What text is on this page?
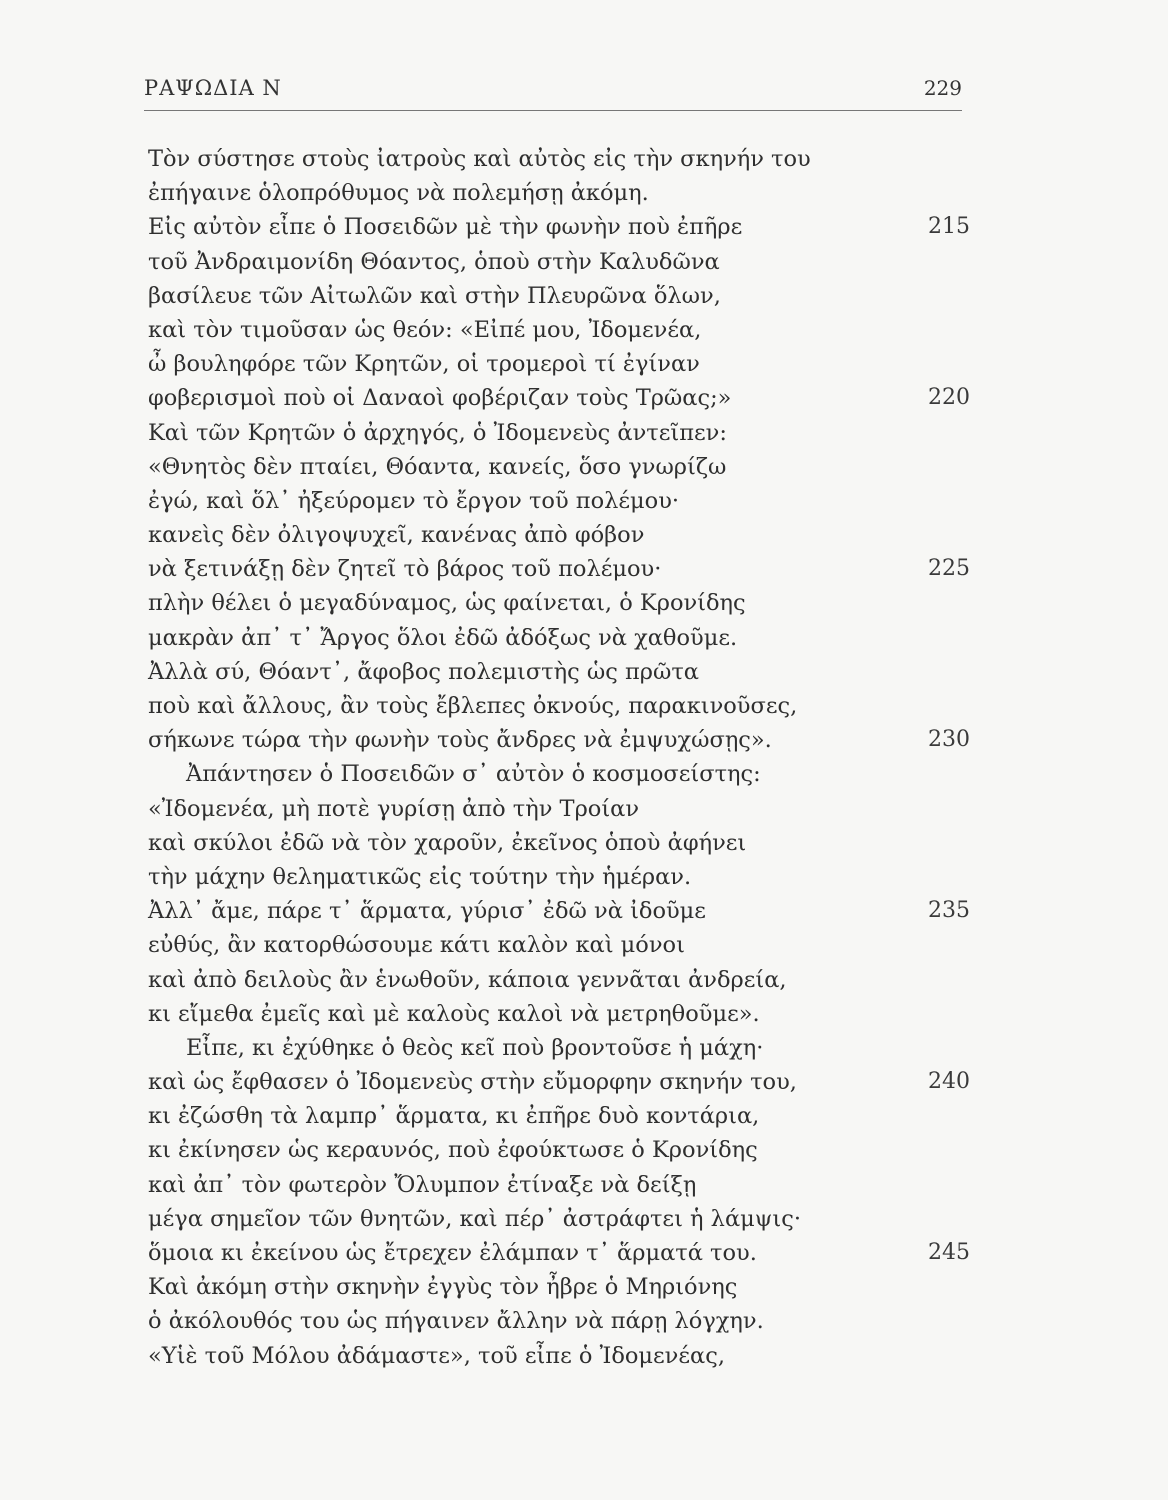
ΡΑΨΩΔΙΑ Ν	229
Τὸν σύστησε στοὺς ἰατροὺς καὶ αὐτὸς εἰς τὴν σκηνήν του
ἐπήγαινε ὁλοπρόθυμος νὰ πολεμήσῃ ἀκόμη.
Εἰς αὐτὸν εἶπε ὁ Ποσειδῶν μὲ τὴν φωνὴν ποὺ ἐπῆρε	215
τοῦ Ἀνδραιμονίδη Θόαντος, ὁποὺ στὴν Καλυδῶνα
βασίλευε τῶν Αἰτωλῶν καὶ στὴν Πλευρῶνα ὅλων,
καὶ τὸν τιμοῦσαν ὡς θεόν: «Εἰπέ μου, Ἰδομενέα,
ὦ βουληφόρε τῶν Κρητῶν, οἱ τρομεροὶ τί ἐγίναν
φοβερισμοὶ ποὺ οἱ Δαναοὶ φοβέριζαν τοὺς Τρῶας;»	220
Καὶ τῶν Κρητῶν ὁ ἀρχηγός, ὁ Ἰδομενεὺς ἀντεῖπεν:
«Θνητὸς δὲν πταίει, Θόαντα, κανείς, ὅσο γνωρίζω
ἐγώ, καὶ ὅλ᾽ ἠξεύρομεν τὸ ἔργον τοῦ πολέμου·
κανεὶς δὲν ὀλιγοψυχεῖ, κανένας ἀπὸ φόβον
νὰ ξετινάξῃ δὲν ζητεῖ τὸ βάρος τοῦ πολέμου·	225
πλὴν θέλει ὁ μεγαδύναμος, ὡς φαίνεται, ὁ Κρονίδης
μακρὰν ἀπ᾽ τ᾽ Ἄργος ὅλοι ἐδῶ ἀδόξως νὰ χαθοῦμε.
Ἀλλὰ σύ, Θόαντ᾽, ἄφοβος πολεμιστὴς ὡς πρῶτα
ποὺ καὶ ἄλλους, ἂν τοὺς ἔβλεπες ὀκνούς, παρακινοῦσες,
σήκωνε τώρα τὴν φωνὴν τοὺς ἄνδρες νὰ ἐμψυχώσῃς».	230
Ἀπάντησεν ὁ Ποσειδῶν σ᾽ αὐτὸν ὁ κοσμοσείστης:
«Ἰδομενέα, μὴ ποτὲ γυρίσῃ ἀπὸ τὴν Τροίαν
καὶ σκύλοι ἐδῶ νὰ τὸν χαροῦν, ἐκεῖνος ὁποὺ ἀφήνει
τὴν μάχην θεληματικῶς εἰς τούτην τὴν ἡμέραν.
Ἀλλ᾽ ἄμε, πάρε τ᾽ ἅρματα, γύρισ᾽ ἐδῶ νὰ ἰδοῦμε	235
εὐθύς, ἂν κατορθώσουμε κάτι καλὸν καὶ μόνοι
καὶ ἀπὸ δειλοὺς ἂν ἑνωθοῦν, κάποια γεννᾶται ἀνδρεία,
κι εἴμεθα ἐμεῖς καὶ μὲ καλοὺς καλοὶ νὰ μετρηθοῦμε».
Εἶπε, κι ἐχύθηκε ὁ θεὸς κεῖ ποὺ βροντοῦσε ἡ μάχη·
καὶ ὡς ἔφθασεν ὁ Ἰδομενεὺς στὴν εὔμορφην σκηνήν του,	240
κι ἐζώσθη τὰ λαμπρ᾽ ἅρματα, κι ἐπῆρε δυὸ κοντάρια,
κι ἐκίνησεν ὡς κεραυνός, ποὺ ἐφούκτωσε ὁ Κρονίδης
καὶ ἀπ᾽ τὸν φωτερὸν Ὄλυμπον ἐτίναξε νὰ δείξῃ
μέγα σημεῖον τῶν θνητῶν, καὶ πέρ᾽ ἀστράφτει ἡ λάμψις·
ὅμοια κι ἐκείνου ὡς ἔτρεχεν ἐλάμπαν τ᾽ ἅρματά του.	245
Καὶ ἀκόμη στὴν σκηνὴν ἐγγὺς τὸν ἦβρε ὁ Μηριόνης
ὁ ἀκόλουθός του ὡς πήγαινεν ἄλλην νὰ πάρῃ λόγχην.
«Υἱὲ τοῦ Μόλου ἀδάμαστε», τοῦ εἶπε ὁ Ἰδομενέας,
